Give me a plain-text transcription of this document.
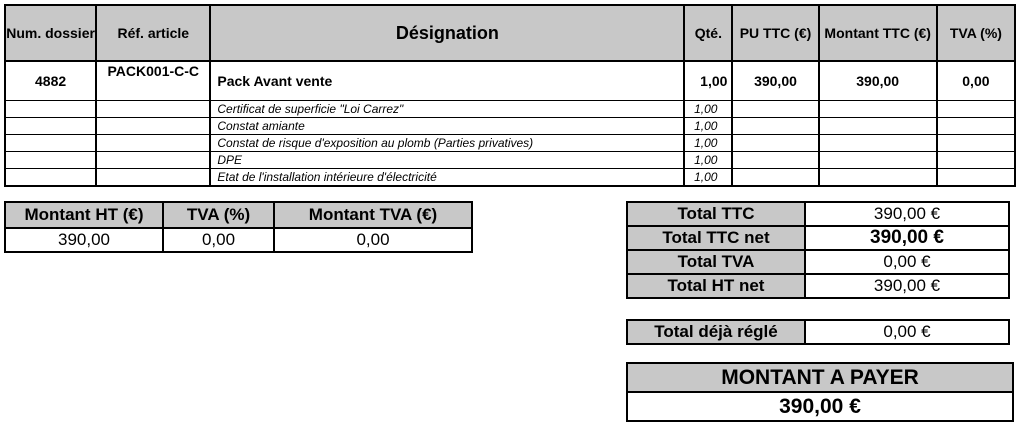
Num. dossier	Réf. article	Désignation	Qté.	PU TTC (€)	Montant TTC (€)	TVA (%)
4882	PACK001-C-C	Pack Avant vente	1,00	390,00	390,00	0,00
		Certificat de superficie "Loi Carrez"	1,00			
		Constat amiante	1,00			
		Constat de risque d'exposition au plomb (Parties privatives)	1,00			
		DPE	1,00			
		Etat de l'installation intérieure d'électricité	1,00			
Montant HT (€)	TVA (%)	Montant TVA (€)
390,00	0,00	0,00
Total TTC	390,00 €
Total TTC net	390,00 €
Total TVA	0,00 €
Total HT net	390,00 €
Total déjà réglé	0,00 €
MONTANT A PAYER
390,00 €
